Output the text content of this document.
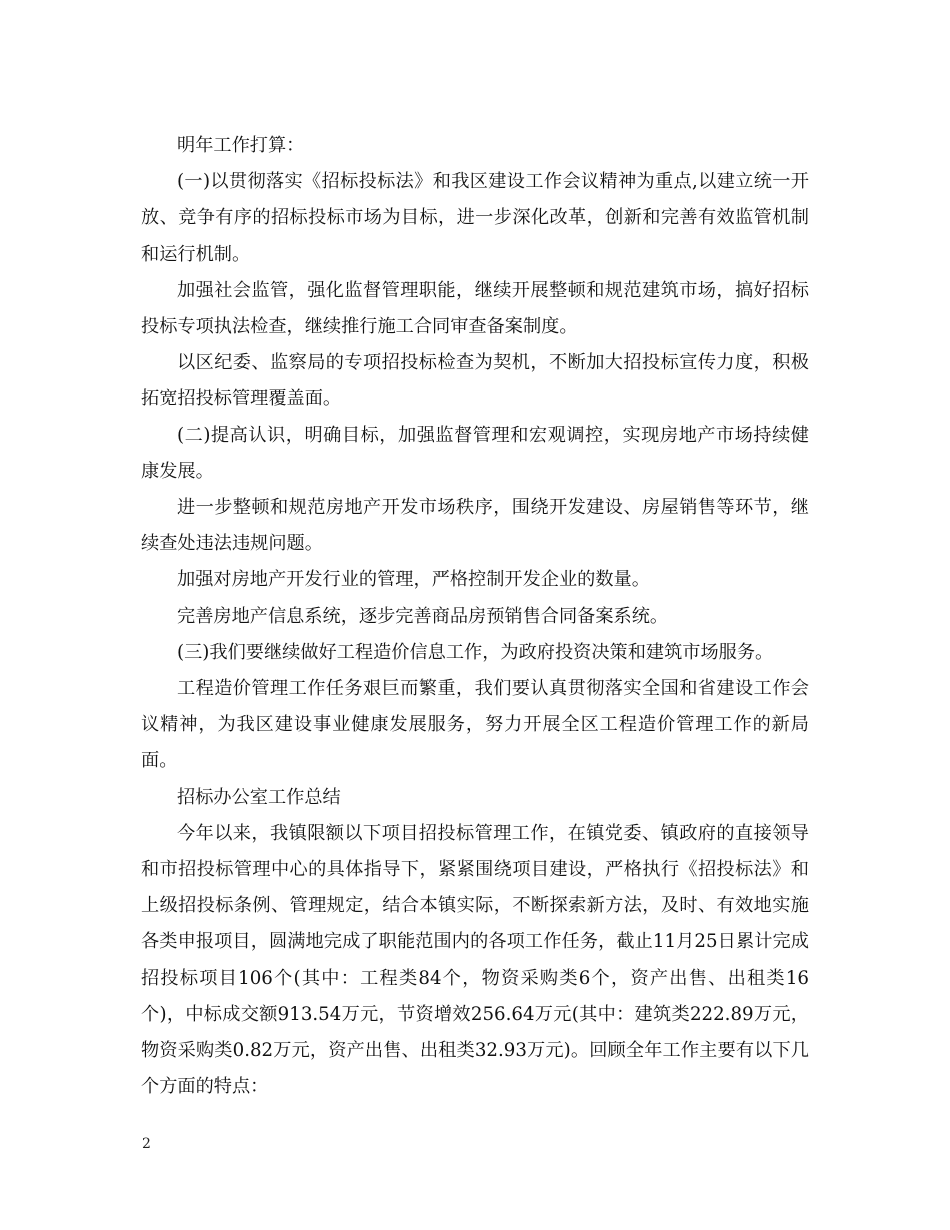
明年工作打算：

(一)以贯彻落实《招标投标法》和我区建设工作会议精神为重点,以建立统一开放、竞争有序的招标投标市场为目标，进一步深化改革，创新和完善有效监管机制和运行机制。

加强社会监管，强化监督管理职能，继续开展整顿和规范建筑市场，搞好招标投标专项执法检查，继续推行施工合同审查备案制度。

以区纪委、监察局的专项招投标检查为契机，不断加大招投标宣传力度，积极拓宽招投标管理覆盖面。

(二)提高认识，明确目标，加强监督管理和宏观调控，实现房地产市场持续健康发展。

进一步整顿和规范房地产开发市场秩序，围绕开发建设、房屋销售等环节，继续查处违法违规问题。

加强对房地产开发行业的管理，严格控制开发企业的数量。

完善房地产信息系统，逐步完善商品房预销售合同备案系统。

(三)我们要继续做好工程造价信息工作，为政府投资决策和建筑市场服务。

工程造价管理工作任务艰巨而繁重，我们要认真贯彻落实全国和省建设工作会议精神，为我区建设事业健康发展服务，努力开展全区工程造价管理工作的新局面。

招标办公室工作总结

今年以来，我镇限额以下项目招投标管理工作，在镇党委、镇政府的直接领导和市招投标管理中心的具体指导下，紧紧围绕项目建设，严格执行《招投标法》和上级招投标条例、管理规定，结合本镇实际，不断探索新方法，及时、有效地实施各类申报项目，圆满地完成了职能范围内的各项工作任务，截止11月25日累计完成招投标项目106个(其中：工程类84个，物资采购类6个，资产出售、出租类16个)，中标成交额913.54万元，节资增效256.64万元(其中：建筑类222.89万元，物资采购类0.82万元，资产出售、出租类32.93万元)。回顾全年工作主要有以下几个方面的特点：

2
